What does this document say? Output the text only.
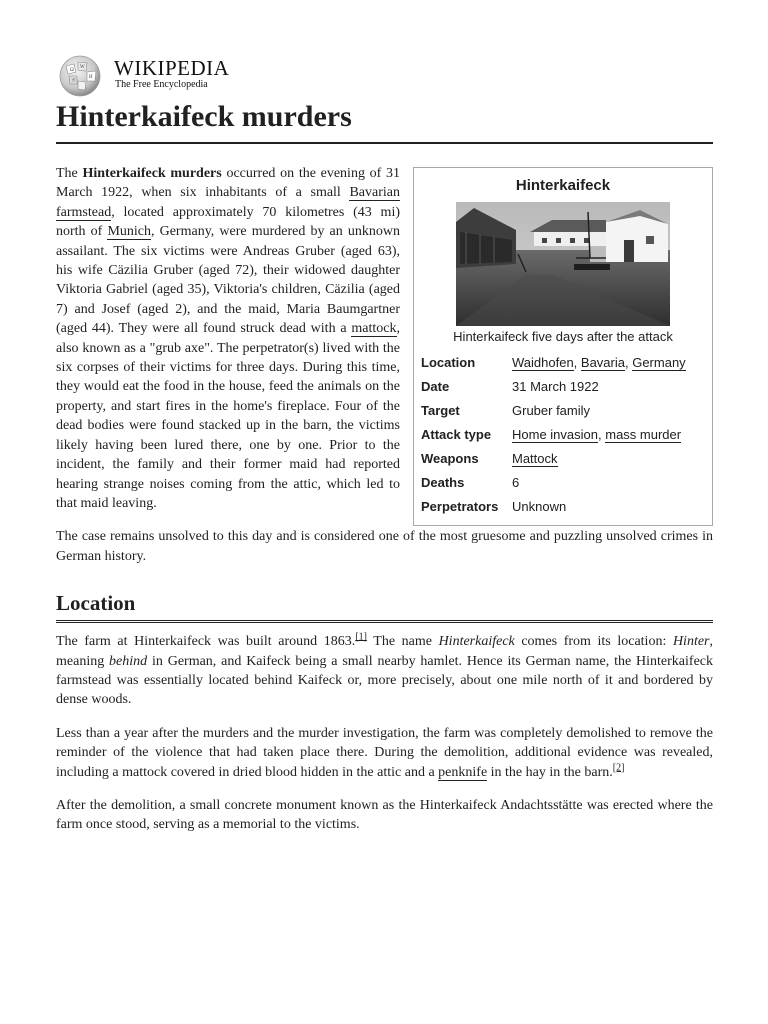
Ω
W
И
ウ
WIKIPEDIA
The Free Encyclopedia
Hinterkaifeck murders
Hinterkaifeck
Hinterkaifeck five days after the attack
Location	Waidhofen, Bavaria, Germany
Date	31 March 1922
Target	Gruber family
Attack type	Home invasion, mass murder
Weapons	Mattock
Deaths	6
Perpetrators	Unknown

The Hinterkaifeck murders occurred on the evening of 31 March 1922, when six inhabitants of a small Bavarian farmstead, located approximately 70 kilometres (43 mi) north of Munich, Germany, were murdered by an unknown assailant. The six victims were Andreas Gruber (aged 63), his wife Cäzilia Gruber (aged 72), their widowed daughter Viktoria Gabriel (aged 35), Viktoria's children, Cäzilia (aged 7) and Josef (aged 2), and the maid, Maria Baumgartner (aged 44). They were all found struck dead with a mattock, also known as a "grub axe". The perpetrator(s) lived with the six corpses of their victims for three days. During this time, they would eat the food in the house, feed the animals on the property, and start fires in the home's fireplace. Four of the dead bodies were found stacked up in the barn, the victims likely having been lured there, one by one. Prior to the incident, the family and their former maid had reported hearing strange noises coming from the attic, which led to that maid leaving.

The case remains unsolved to this day and is considered one of the most gruesome and puzzling unsolved crimes in German history.

Location

The farm at Hinterkaifeck was built around 1863.[1] The name Hinterkaifeck comes from its location: Hinter, meaning behind in German, and Kaifeck being a small nearby hamlet. Hence its German name, the Hinterkaifeck farmstead was essentially located behind Kaifeck or, more precisely, about one mile north of it and bordered by dense woods.

Less than a year after the murders and the murder investigation, the farm was completely demolished to remove the reminder of the violence that had taken place there. During the demolition, additional evidence was revealed, including a mattock covered in dried blood hidden in the attic and a penknife in the hay in the barn.[2]

After the demolition, a small concrete monument known as the Hinterkaifeck Andachtsstätte was erected where the farm once stood, serving as a memorial to the victims.
